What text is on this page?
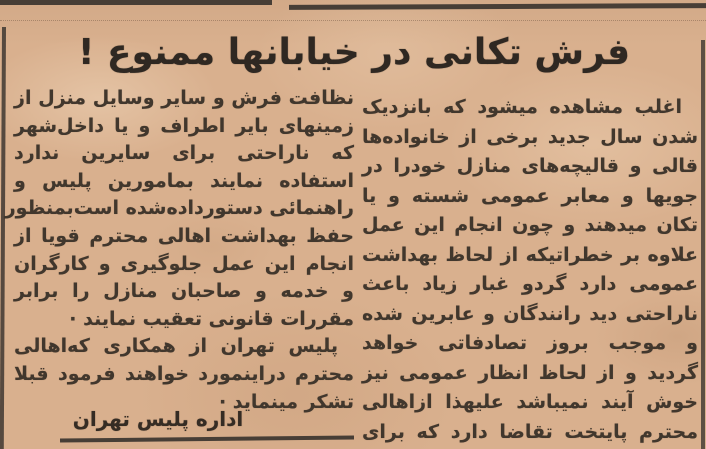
فرش تکانی در خیابانها ممنوع !
اغلب مشاهده میشود که بانزدیک
شدن سال جدید برخی از خانواده‌ها
قالی و قالیچه‌های منازل خودرا در
جویها و معابر عمومی شسته و یا
تکان میدهند و چون انجام این عمل
علاوه بر خطراتیکه از لحاظ بهداشت
عمومی دارد گردو غبار زیاد باعث
ناراحتی دید رانندگان و عابرین شده
و موجب بروز تصادفاتی خواهد
گردید و از لحاظ انظار عمومی نیز
خوش آیند نمیباشد علیهذا ازاهالی
محترم پایتخت تقاضا دارد که برای
نظافت فرش و سایر وسایل منزل از
زمینهای بایر اطراف و یا داخل‌شهر
که ناراحتی برای سایرین ندارد
استفاده نمایند بمامورین پلیس و
راهنمائی دستورداده‌شده است‌بمنظور
حفظ بهداشت اهالی محترم قویا از
انجام این عمل جلوگیری و کارگران
و خدمه و صاحبان منازل را برابر
مقررات قانونی تعقیب نمایند ·
پلیس تهران از همکاری که‌اهالی
محترم دراینمورد خواهند فرمود قبلا
تشکر مینماید ·
اداره پلیس تهران
